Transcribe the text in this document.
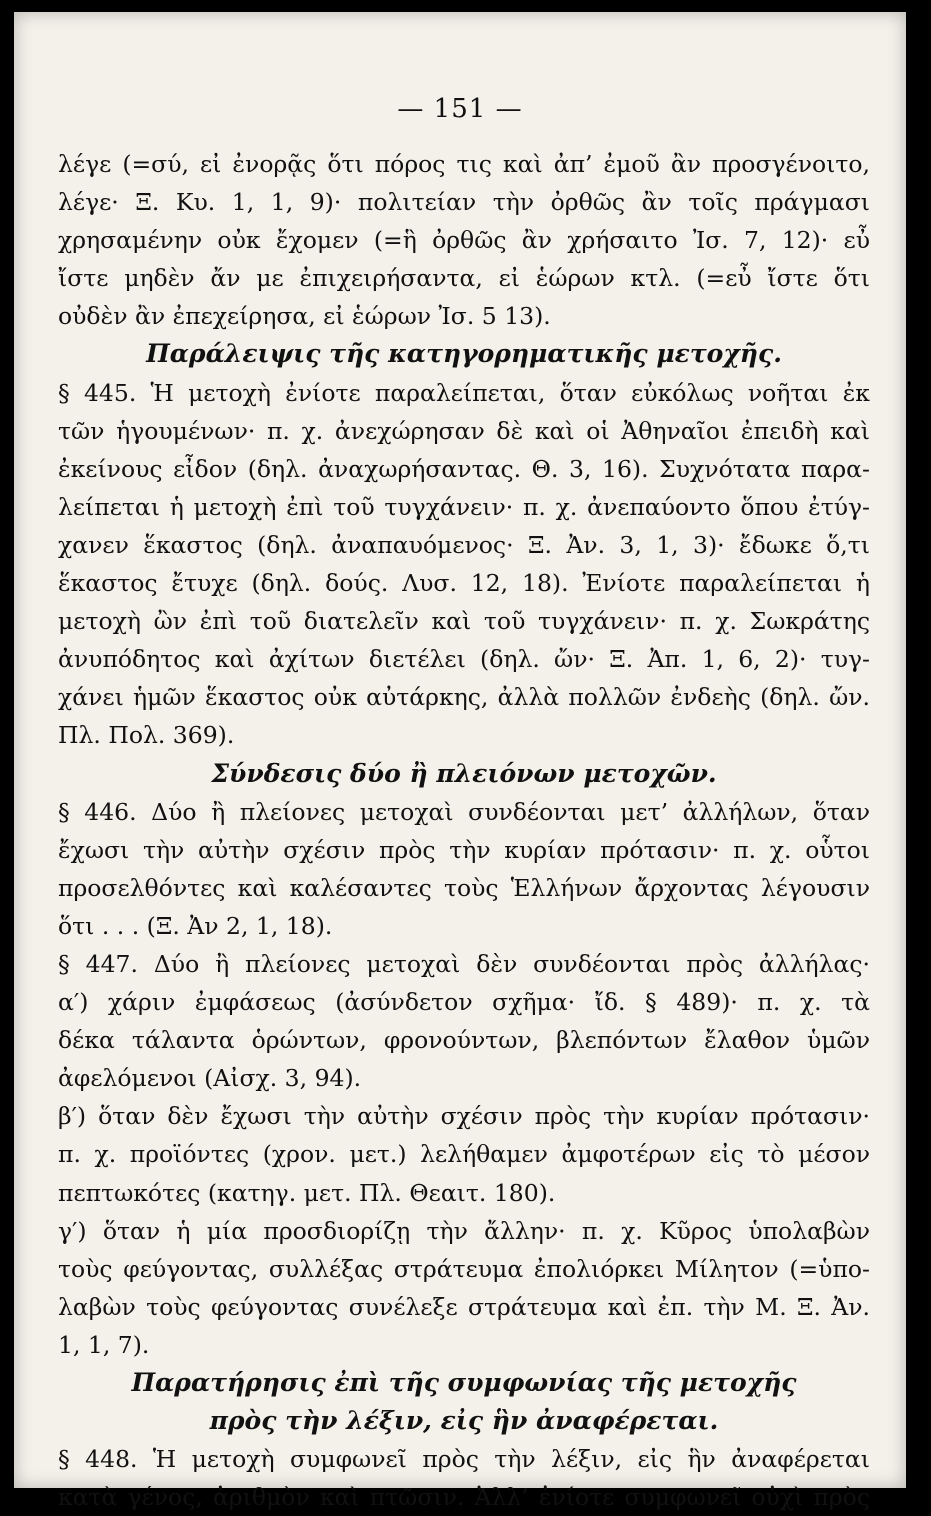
— 151 —
λέγε (=σύ, εἰ ἐνορᾷς ὅτι πόρος τις καὶ ἀπ’ ἐμοῦ ἂν προσγένοιτο,
λέγε· Ξ. Κυ. 1, 1, 9)· πολιτείαν τὴν ὀρθῶς ἂν τοῖς πράγμασι
χρησαμένην οὐκ ἔχομεν (=ἣ ὀρθῶς ἂν χρήσαιτο Ἰσ. 7, 12)· εὖ
ἴστε μηδὲν ἄν με ἐπιχειρήσαντα, εἰ ἑώρων κτλ. (=εὖ ἴστε ὅτι
οὐδὲν ἂν ἐπεχείρησα, εἰ ἑώρων Ἰσ. 5 13).
Παράλειψις τῆς κατηγορηματικῆς μετοχῆς.
§ 445. Ἡ μετοχὴ ἐνίοτε παραλείπεται, ὅταν εὐκόλως νοῆται ἐκ
τῶν ἡγουμένων· π. χ. ἀνεχώρησαν δὲ καὶ οἱ Ἀθηναῖοι ἐπειδὴ καὶ
ἐκείνους εἶδον (δηλ. ἀναχωρήσαντας. Θ. 3, 16). Συχνότατα παρα-
λείπεται ἡ μετοχὴ ἐπὶ τοῦ τυγχάνειν· π. χ. ἀνεπαύοντο ὅπου ἐτύγ-
χανεν ἕκαστος (δηλ. ἀναπαυόμενος· Ξ. Ἀν. 3, 1, 3)· ἔδωκε ὅ,τι
ἕκαστος ἔτυχε (δηλ. δούς. Λυσ. 12, 18). Ἐνίοτε παραλείπεται ἡ
μετοχὴ ὢν ἐπὶ τοῦ διατελεῖν καὶ τοῦ τυγχάνειν· π. χ. Σωκράτης
ἀνυπόδητος καὶ ἀχίτων διετέλει (δηλ. ὤν· Ξ. Ἀπ. 1, 6, 2)· τυγ-
χάνει ἡμῶν ἕκαστος οὐκ αὐτάρκης, ἀλλὰ πολλῶν ἐνδεὴς (δηλ. ὤν.
Πλ. Πολ. 369).
Σύνδεσις δύο ἢ πλειόνων μετοχῶν.
§ 446. Δύο ἢ πλείονες μετοχαὶ συνδέονται μετ’ ἀλλήλων, ὅταν
ἔχωσι τὴν αὐτὴν σχέσιν πρὸς τὴν κυρίαν πρότασιν· π. χ. οὗτοι
προσελθόντες καὶ καλέσαντες τοὺς Ἑλλήνων ἄρχοντας λέγουσιν
ὅτι . . . (Ξ. Ἀν 2, 1, 18).
§ 447. Δύο ἢ πλείονες μετοχαὶ δὲν συνδέονται πρὸς ἀλλήλας·
α′) χάριν ἐμφάσεως (ἀσύνδετον σχῆμα· ἴδ. § 489)· π. χ. τὰ
δέκα τάλαντα ὁρώντων, φρονούντων, βλεπόντων ἔλαθον ὑμῶν
ἀφελόμενοι (Αἰσχ. 3, 94).
β′) ὅταν δὲν ἔχωσι τὴν αὐτὴν σχέσιν πρὸς τὴν κυρίαν πρότασιν·
π. χ. προϊόντες (χρον. μετ.) λελήθαμεν ἀμφοτέρων εἰς τὸ μέσον
πεπτωκότες (κατηγ. μετ. Πλ. Θεαιτ. 180).
γ′) ὅταν ἡ μία προσδιορίζῃ τὴν ἄλλην· π. χ. Κῦρος ὑπολαβὼν
τοὺς φεύγοντας, συλλέξας στράτευμα ἐπολιόρκει Μίλητον (=ὑπο-
λαβὼν τοὺς φεύγοντας συνέλεξε στράτευμα καὶ ἐπ. τὴν Μ. Ξ. Ἀν.
1, 1, 7).
Παρατήρησις ἐπὶ τῆς συμφωνίας τῆς μετοχῆς
πρὸς τὴν λέξιν, εἰς ἣν ἀναφέρεται.
§ 448. Ἡ μετοχὴ συμφωνεῖ πρὸς τὴν λέξιν, εἰς ἣν ἀναφέρεται
κατὰ γένος, ἀριθμὸν καὶ πτῶσιν. Ἀλλ’ ἐνίοτε συμφωνεῖ οὐχὶ πρὸς
